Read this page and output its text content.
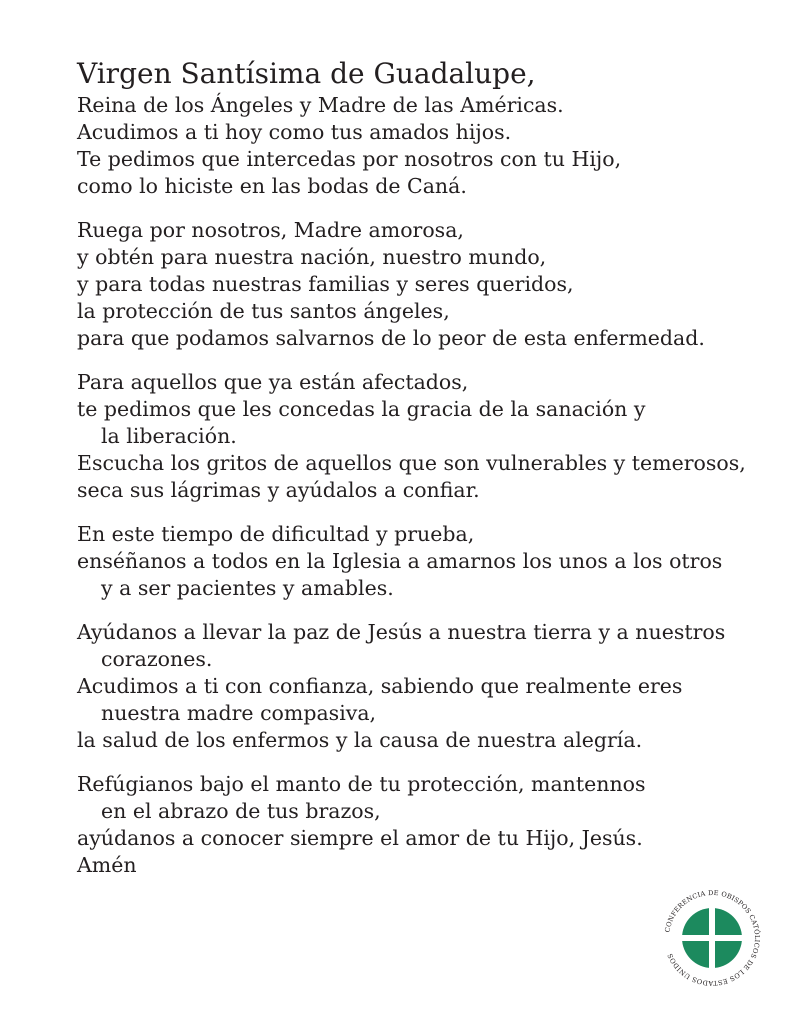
Virgen Santísima de Guadalupe,
Reina de los Ángeles y Madre de las Américas.
Acudimos a ti hoy como tus amados hijos.
Te pedimos que intercedas por nosotros con tu Hijo,
como lo hiciste en las bodas de Caná.
Ruega por nosotros, Madre amorosa,
y obtén para nuestra nación, nuestro mundo,
y para todas nuestras familias y seres queridos,
la protección de tus santos ángeles,
para que podamos salvarnos de lo peor de esta enfermedad.
Para aquellos que ya están afectados,
te pedimos que les concedas la gracia de la sanación y
la liberación.
Escucha los gritos de aquellos que son vulnerables y temerosos,
seca sus lágrimas y ayúdalos a confiar.
En este tiempo de dificultad y prueba,
enséñanos a todos en la Iglesia a amarnos los unos a los otros
y a ser pacientes y amables.
Ayúdanos a llevar la paz de Jesús a nuestra tierra y a nuestros
corazones.
Acudimos a ti con confianza, sabiendo que realmente eres
nuestra madre compasiva,
la salud de los enfermos y la causa de nuestra alegría.
Refúgianos bajo el manto de tu protección, mantennos
en el abrazo de tus brazos,
ayúdanos a conocer siempre el amor de tu Hijo, Jesús.
Amén
CONFERENCIA DE OBISPOS CATÓLICOS DE LOS ESTADOS UNIDOS
